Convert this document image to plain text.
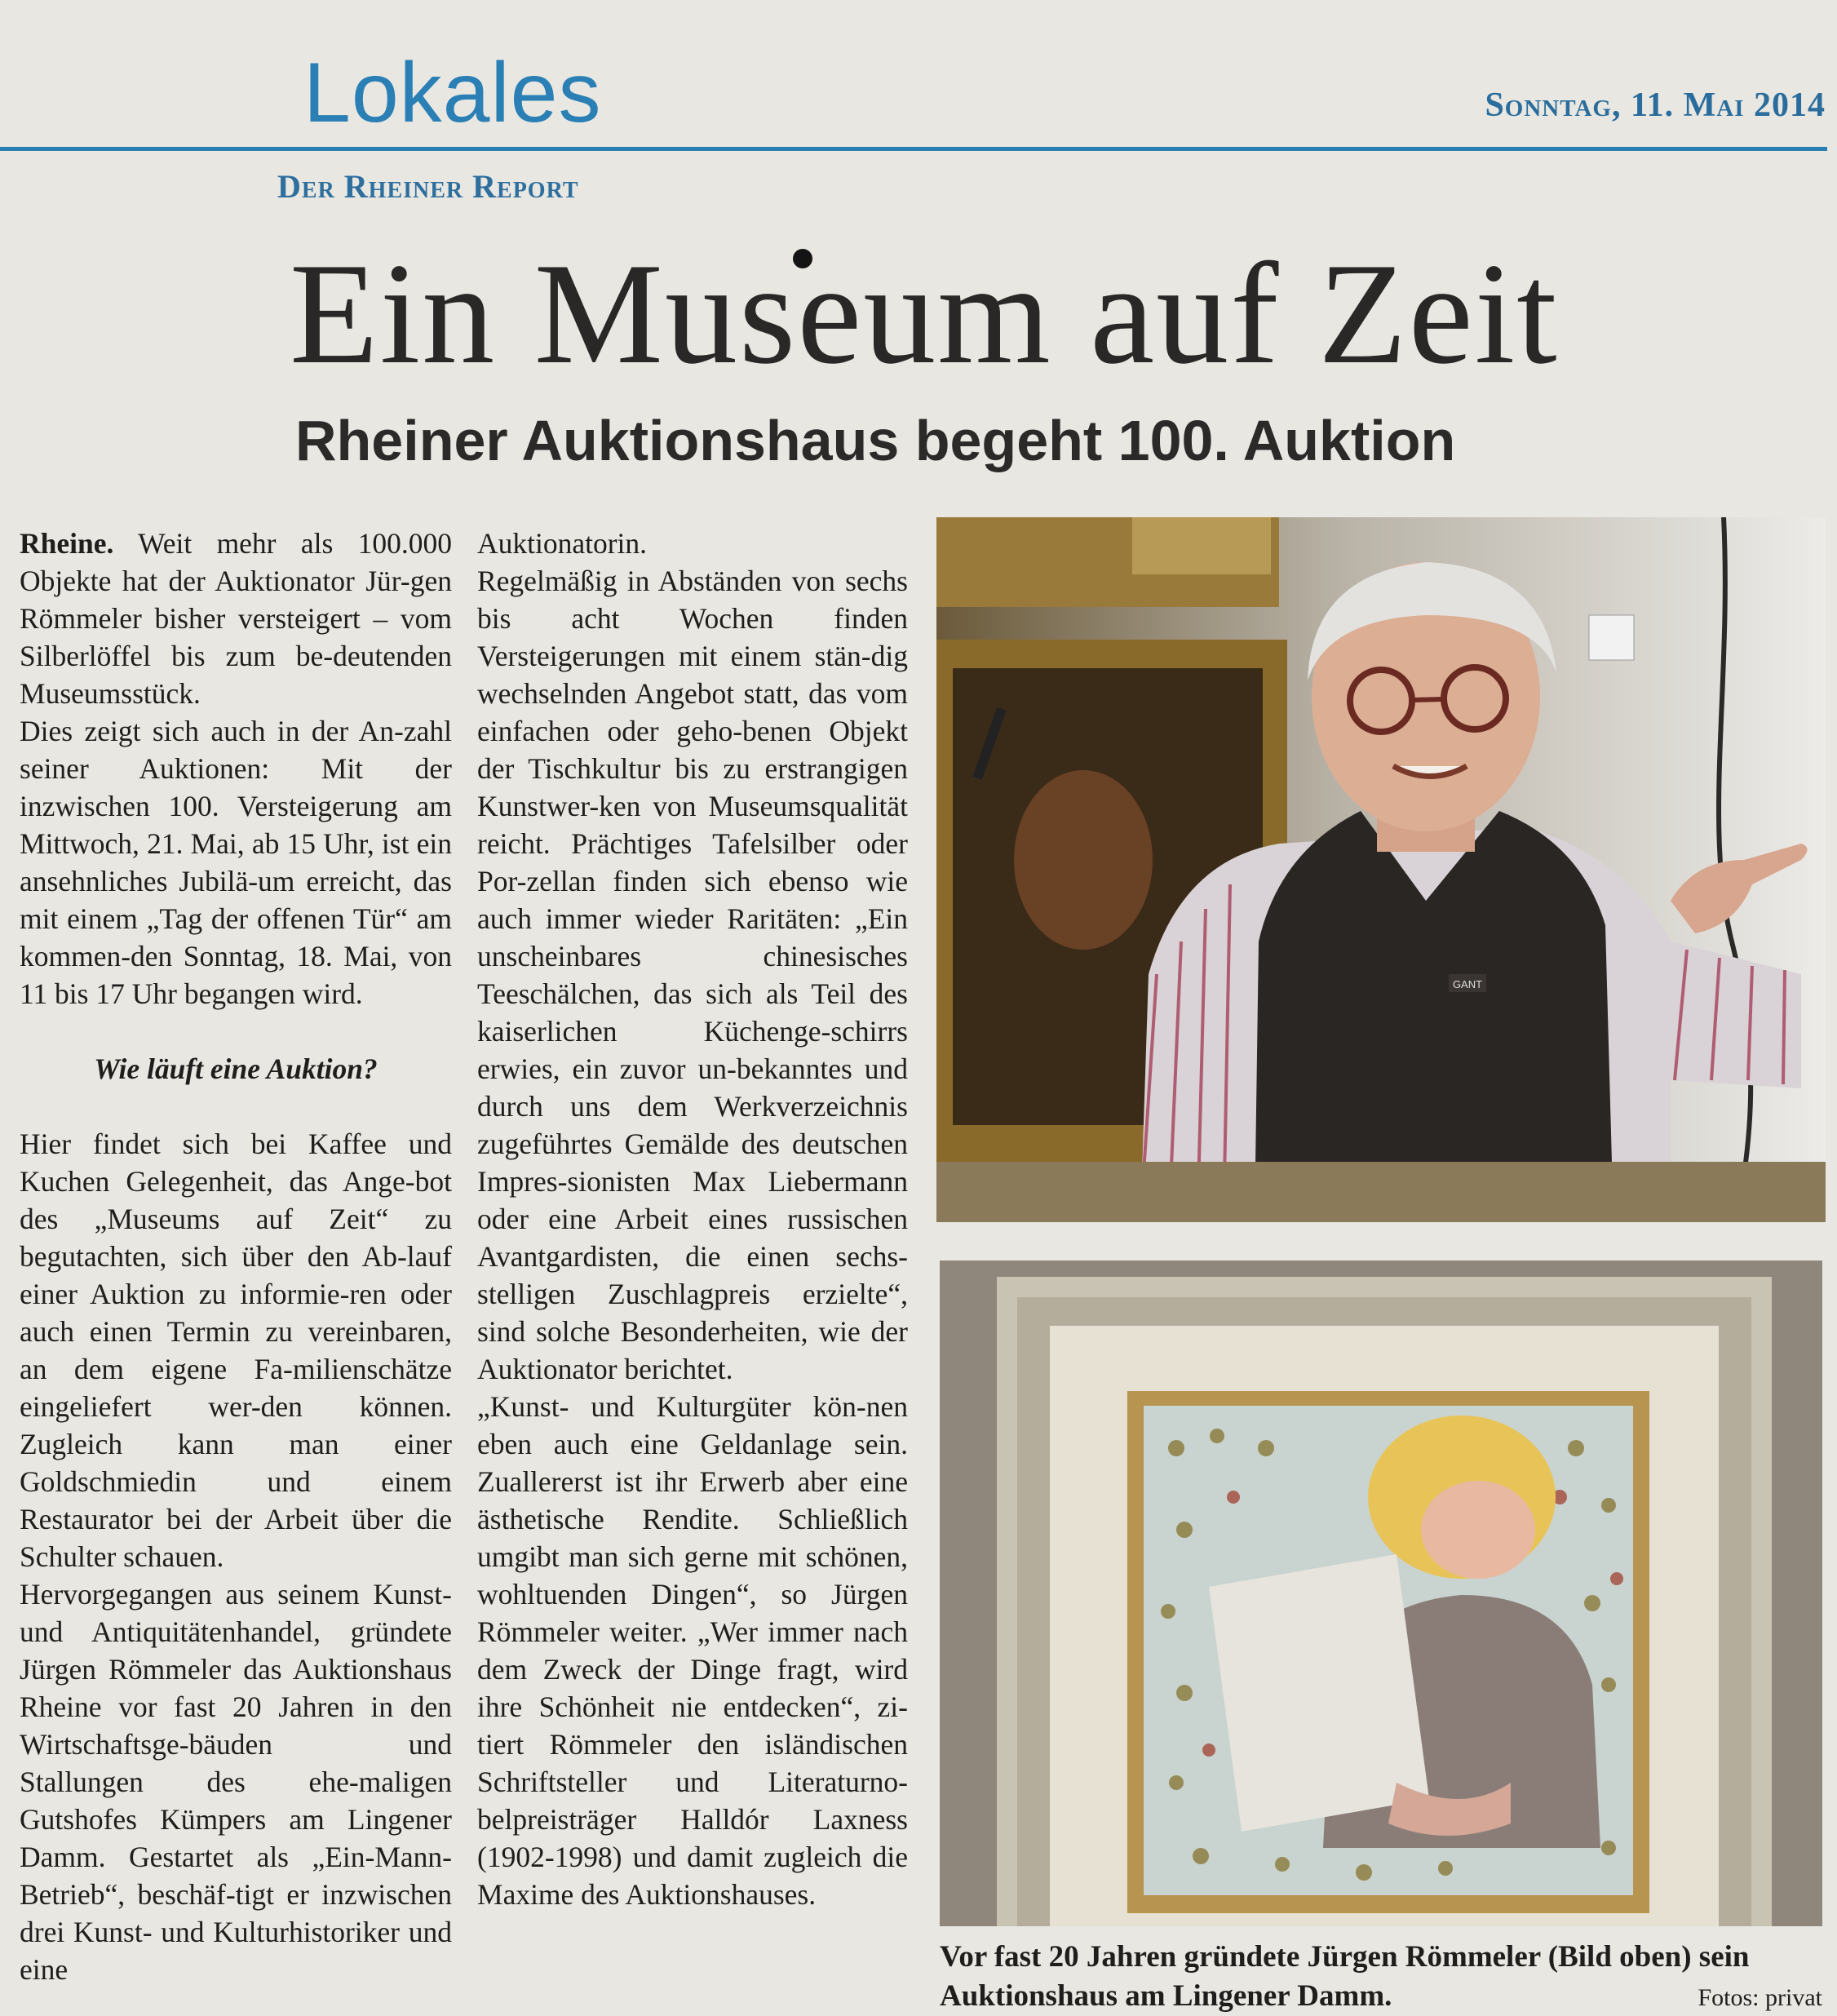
Lokales	Sonntag, 11. Mai 2014
Der Rheiner Report
Ein Museum auf Zeit
Rheiner Auktionshaus begeht 100. Auktion

Rheine. Weit mehr als 100.000 Objekte hat der Auktionator Jür-gen Römmeler bisher versteigert – vom Silberlöffel bis zum be-deutenden Museumsstück.

Dies zeigt sich auch in der An-zahl seiner Auktionen: Mit der inzwischen 100. Versteigerung am Mittwoch, 21. Mai, ab 15 Uhr, ist ein ansehnliches Jubilä-um erreicht, das mit einem „Tag der offenen Tür“ am kommen-den Sonntag, 18. Mai, von 11 bis 17 Uhr begangen wird.

Wie läuft eine Auktion?

Hier findet sich bei Kaffee und Kuchen Gelegenheit, das Ange-bot des „Museums auf Zeit“ zu begutachten, sich über den Ab-lauf einer Auktion zu informie-ren oder auch einen Termin zu vereinbaren, an dem eigene Fa-milienschätze eingeliefert wer-den können. Zugleich kann man einer Goldschmiedin und einem Restaurator bei der Arbeit über die Schulter schauen.

Hervorgegangen aus seinem Kunst- und Antiquitätenhandel, gründete Jürgen Römmeler das Auktionshaus Rheine vor fast 20 Jahren in den Wirtschaftsge-bäuden und Stallungen des ehe-maligen Gutshofes Kümpers am Lingener Damm. Gestartet als „Ein-Mann-Betrieb“, beschäf-tigt er inzwischen drei Kunst- und Kulturhistoriker und eine

Auktionatorin.

Regelmäßig in Abständen von sechs bis acht Wochen finden Versteigerungen mit einem stän-dig wechselnden Angebot statt, das vom einfachen oder geho-benen Objekt der Tischkultur bis zu erstrangigen Kunstwer-ken von Museumsqualität reicht. Prächtiges Tafelsilber oder Por-zellan finden sich ebenso wie auch immer wieder Raritäten: „Ein unscheinbares chinesisches Teeschälchen, das sich als Teil des kaiserlichen Küchenge-schirrs erwies, ein zuvor un-bekanntes und durch uns dem Werkverzeichnis zugeführtes Gemälde des deutschen Impres-sionisten Max Liebermann oder eine Arbeit eines russischen Avantgardisten, die einen sechs-stelligen Zuschlagpreis erzielte“, sind solche Besonderheiten, wie der Auktionator berichtet.

„Kunst- und Kulturgüter kön-nen eben auch eine Geldanlage sein. Zuallererst ist ihr Erwerb aber eine ästhetische Rendite. Schließlich umgibt man sich gerne mit schönen, wohltuenden Dingen“, so Jürgen Römmeler weiter. „Wer immer nach dem Zweck der Dinge fragt, wird ihre Schönheit nie entdecken“, zi-tiert Römmeler den isländischen Schriftsteller und Literaturno-belpreisträger Halldór Laxness (1902-1998) und damit zugleich die Maxime des Auktionshauses.

GANT
Vor fast 20 Jahren gründete Jürgen Römmeler (Bild oben) sein Auktionshaus am Lingener Damm.	Fotos: privat
